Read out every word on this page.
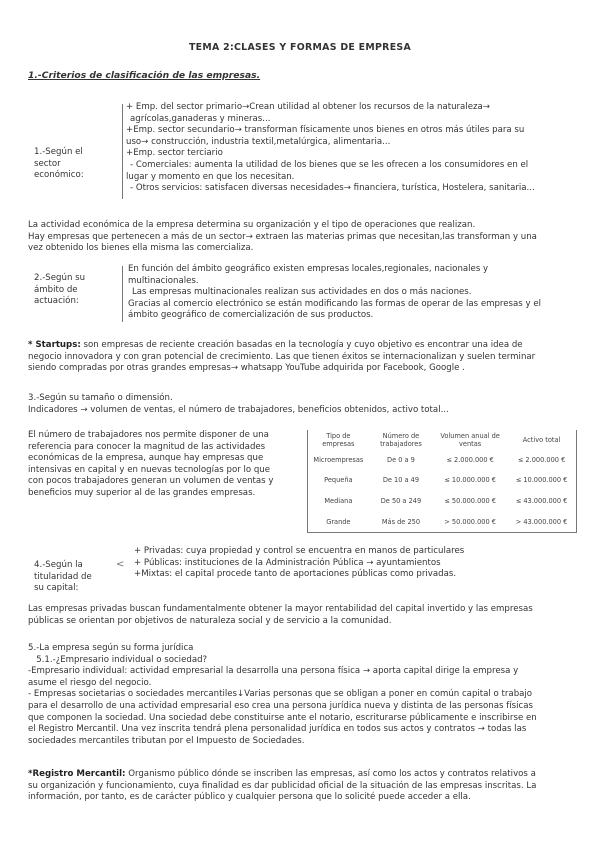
TEMA 2:CLASES Y FORMAS DE EMPRESA
1.-Criterios de clasificación de las empresas.
1.-Según el
sector
económico:
+ Emp. del sector primario→Crean utilidad al obtener los recursos de la naturaleza→
agrícolas,ganaderas y mineras...
+Emp. sector secundario→ transforman físicamente unos bienes en otros más útiles para su
uso→ construcción, industria textil,metalúrgica, alimentaria...
+Emp. sector terciario
- Comerciales: aumenta la utilidad de los bienes que se les ofrecen a los consumidores en el
lugar y momento en que los necesitan.
- Otros servicios: satisfacen diversas necesidades→ financiera, turística, Hostelera, sanitaria...

La actividad económica de la empresa determina su organización y el tipo de operaciones que realizan.

Hay empresas que pertenecen a más de un sector→ extraen las materias primas que necesitan,las transforman y una

vez obtenido los bienes ella misma las comercializa.

2.-Según su
ámbito de
actuación:
En función del ámbito geográfico existen empresas locales,regionales, nacionales y
multinacionales.
Las empresas multinacionales realizan sus actividades en dos o más naciones.
Gracias al comercio electrónico se están modificando las formas de operar de las empresas y el
ámbito geográfico de comercialización de sus productos.

* Startups: son empresas de reciente creación basadas en la tecnología y cuyo objetivo es encontrar una idea de

negocio innovadora y con gran potencial de crecimiento. Las que tienen éxitos se internacionalizan y suelen terminar

siendo compradas por otras grandes empresas→ whatsapp YouTube adquirida por Facebook, Google .

3.-Según su tamaño o dimensión.

Indicadores → volumen de ventas, el número de trabajadores, beneficios obtenidos, activo total...

El número de trabajadores nos permite disponer de una
referencia para conocer la magnitud de las actividades
económicas de la empresa, aunque hay empresas que
intensivas en capital y en nuevas tecnologías por lo que
con pocos trabajadores generan un volumen de ventas y
beneficios muy superior al de las grandes empresas.
Tipo de empresas	Número de trabajadores	Volumen anual de ventas	Activo total
Microempresas	De 0 a 9	≤ 2.000.000 €	≤ 2.000.000 €
Pequeña	De 10 a 49	≤ 10.000.000 €	≤ 10.000.000 €
Mediana	De 50 a 249	≤ 50.000.000 €	≤ 43.000.000 €
Grande	Más de 250	> 50.000.000 €	> 43.000.000 €
4.-Según la
titularidad de
su capital:
<
+ Privadas: cuya propiedad y control se encuentra en manos de particulares
+ Públicas: instituciones de la Administración Pública → ayuntamientos
+Mixtas: el capital procede tanto de aportaciones públicas como privadas.

Las empresas privadas buscan fundamentalmente obtener la mayor rentabilidad del capital invertido y las empresas

públicas se orientan por objetivos de naturaleza social y de servicio a la comunidad.

5.-La empresa según su forma jurídica

5.1.-¿Empresario individual o sociedad?

-Empresario individual: actividad empresarial la desarrolla una persona física → aporta capital dirige la empresa y

asume el riesgo del negocio.

- Empresas societarias o sociedades mercantiles↓Varias personas que se obligan a poner en común capital o trabajo

para el desarrollo de una actividad empresarial eso crea una persona jurídica nueva y distinta de las personas físicas

que componen la sociedad. Una sociedad debe constituirse ante el notario, escriturarse públicamente e inscribirse en

el Registro Mercantil. Una vez inscrita tendrá plena personalidad jurídica en todos sus actos y contratos → todas las

sociedades mercantiles tributan por el Impuesto de Sociedades.

*Registro Mercantil: Organismo público dónde se inscriben las empresas, así como los actos y contratos relativos a

su organización y funcionamiento, cuya finalidad es dar publicidad oficial de la situación de las empresas inscritas. La

información, por tanto, es de carácter público y cualquier persona que lo solicité puede acceder a ella.
